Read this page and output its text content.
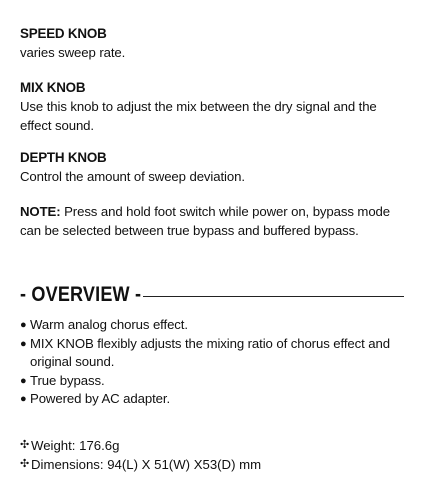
SPEED KNOB
varies sweep rate.
MIX KNOB
Use this knob to adjust the mix between the dry signal and the effect sound.
DEPTH KNOB
Control the amount of sweep deviation.
NOTE: Press and hold foot switch while power on, bypass mode can be selected between true bypass and buffered bypass.
- OVERVIEW -
● Warm analog chorus effect.
● MIX KNOB flexibly adjusts the mixing ratio of chorus effect and original sound.
● True bypass.
● Powered by AC adapter.
✣ Weight: 176.6g
✣ Dimensions: 94(L) X 51(W) X53(D) mm
